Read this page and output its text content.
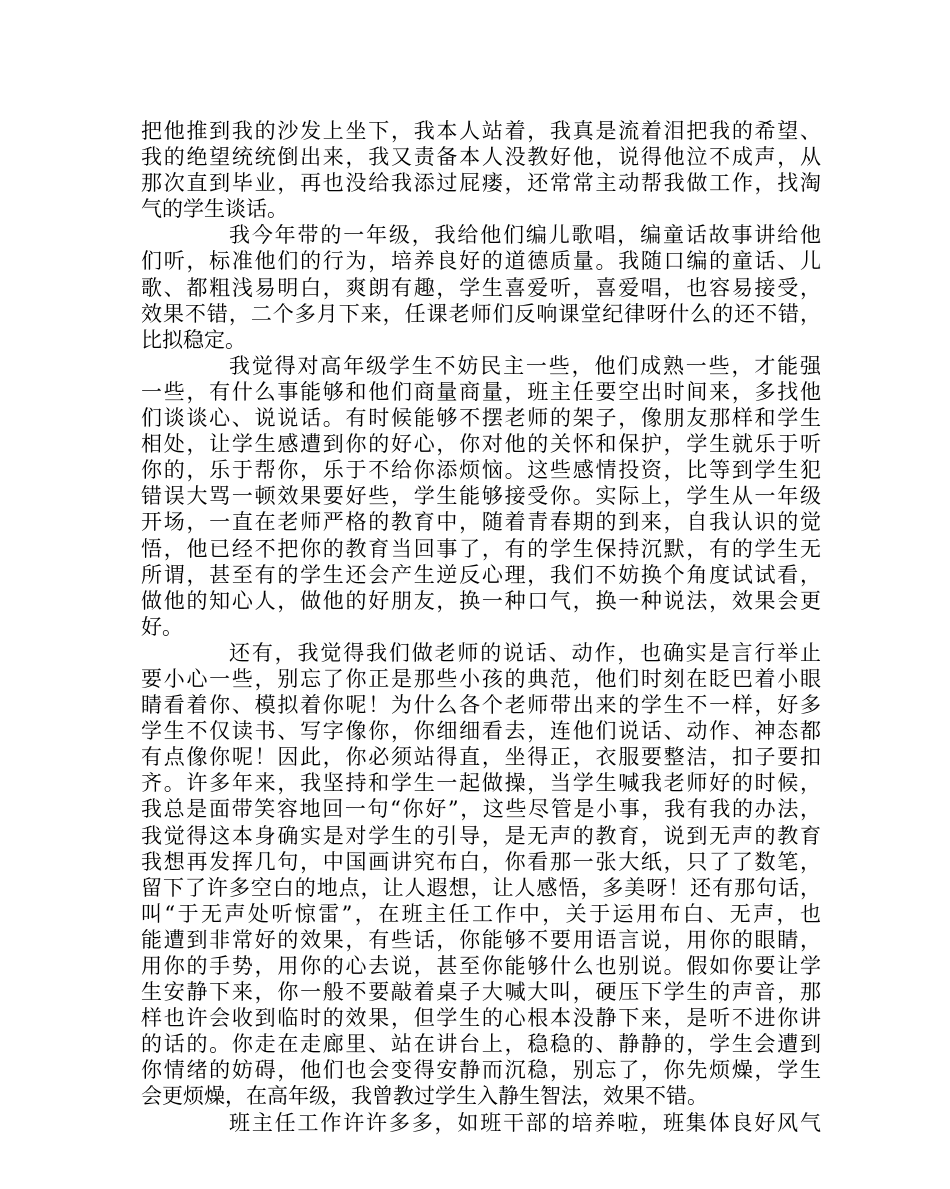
把他推到我的沙发上坐下，我本人站着，我真是流着泪把我的希望、
我的绝望统统倒出来，我又责备本人没教好他，说得他泣不成声，从
那次直到毕业，再也没给我添过屁瘘，还常常主动帮我做工作，找淘
气的学生谈话。
我今年带的一年级，我给他们编儿歌唱，编童话故事讲给他
们听，标准他们的行为，培养良好的道德质量。我随口编的童话、儿
歌、都粗浅易明白，爽朗有趣，学生喜爱听，喜爱唱，也容易接受，
效果不错，二个多月下来，任课老师们反响课堂纪律呀什么的还不错，
比拟稳定。
我觉得对高年级学生不妨民主一些，他们成熟一些，才能强
一些，有什么事能够和他们商量商量，班主任要空出时间来，多找他
们谈谈心、说说话。有时候能够不摆老师的架子，像朋友那样和学生
相处，让学生感遭到你的好心，你对他的关怀和保护，学生就乐于听
你的，乐于帮你，乐于不给你添烦恼。这些感情投资，比等到学生犯
错误大骂一顿效果要好些，学生能够接受你。实际上，学生从一年级
开场，一直在老师严格的教育中，随着青春期的到来，自我认识的觉
悟，他已经不把你的教育当回事了，有的学生保持沉默，有的学生无
所谓，甚至有的学生还会产生逆反心理，我们不妨换个角度试试看，
做他的知心人，做他的好朋友，换一种口气，换一种说法，效果会更
好。
还有，我觉得我们做老师的说话、动作，也确实是言行举止
要小心一些，别忘了你正是那些小孩的典范，他们时刻在眨巴着小眼
睛看着你、模拟着你呢！为什么各个老师带出来的学生不一样，好多
学生不仅读书、写字像你，你细细看去，连他们说话、动作、神态都
有点像你呢！因此，你必须站得直，坐得正，衣服要整洁，扣子要扣
齐。许多年来，我坚持和学生一起做操，当学生喊我老师好的时候，
我总是面带笑容地回一句“你好”，这些尽管是小事，我有我的办法，
我觉得这本身确实是对学生的引导，是无声的教育，说到无声的教育
我想再发挥几句，中国画讲究布白，你看那一张大纸，只了了数笔，
留下了许多空白的地点，让人遐想，让人感悟，多美呀！还有那句话，
叫“于无声处听惊雷”，在班主任工作中，关于运用布白、无声，也
能遭到非常好的效果，有些话，你能够不要用语言说，用你的眼睛，
用你的手势，用你的心去说，甚至你能够什么也别说。假如你要让学
生安静下来，你一般不要敲着桌子大喊大叫，硬压下学生的声音，那
样也许会收到临时的效果，但学生的心根本没静下来，是听不进你讲
的话的。你走在走廊里、站在讲台上，稳稳的、静静的，学生会遭到
你情绪的妨碍，他们也会变得安静而沉稳，别忘了，你先烦燥，学生
会更烦燥，在高年级，我曾教过学生入静生智法，效果不错。
班主任工作许许多多，如班干部的培养啦，班集体良好风气
